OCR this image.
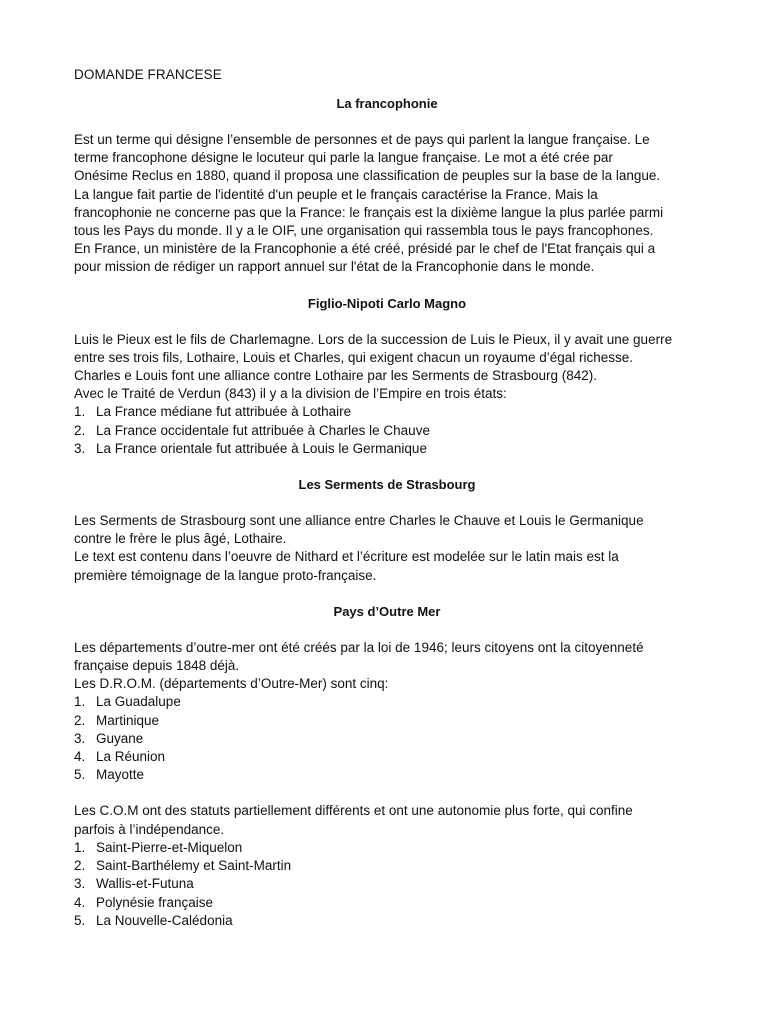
DOMANDE FRANCESE
La francophonie

Est un terme qui désigne l’ensemble de personnes et de pays qui parlent la langue française. Le
terme francophone désigne le locuteur qui parle la langue française. Le mot a été crée par
Onésime Reclus en 1880, quand il proposa une classification de peuples sur la base de la langue.
La langue fait partie de l'identité d'un peuple et le français caractérise la France. Mais la
francophonie ne concerne pas que la France: le français est la dixième langue la plus parlée parmi
tous les Pays du monde. Il y a le OIF, une organisation qui rassembla tous le pays francophones.
En France, un ministère de la Francophonie a été créé, présidé par le chef de l'Etat français qui a
pour mission de rédiger un rapport annuel sur l'état de la Francophonie dans le monde.

Figlio-Nipoti Carlo Magno

Luis le Pieux est le fils de Charlemagne. Lors de la succession de Luis le Pieux, il y avait une guerre
entre ses trois fils, Lothaire, Louis et Charles, qui exigent chacun un royaume d’égal richesse.
Charles e Louis font une alliance contre Lothaire par les Serments de Strasbourg (842).
Avec le Traité de Verdun (843) il y a la division de l’Empire en trois états:

1. La France médiane fut attribuée à Lothaire
2. La France occidentale fut attribuée à Charles le Chauve
3. La France orientale fut attribuée à Louis le Germanique
Les Serments de Strasbourg

Les Serments de Strasbourg sont une alliance entre Charles le Chauve et Louis le Germanique
contre le frère le plus âgé, Lothaire.
Le text est contenu dans l’oeuvre de Nithard et l’écriture est modelée sur le latin mais est la
première témoignage de la langue proto-française.

Pays d’Outre Mer

Les départements d’outre-mer ont été créés par la loi de 1946; leurs citoyens ont la citoyenneté
française depuis 1848 déjà.
Les D.R.O.M. (départements d’Outre-Mer) sont cinq:

1. La Guadalupe
2. Martinique
3. Guyane
4. La Réunion
5. Mayotte

Les C.O.M ont des statuts partiellement différents et ont une autonomie plus forte, qui confine
parfois à l’indépendance.

1. Saint-Pierre-et-Miquelon
2. Saint-Barthélemy et Saint-Martin
3. Wallis-et-Futuna
4. Polynésie française
5. La Nouvelle-Calédonia
